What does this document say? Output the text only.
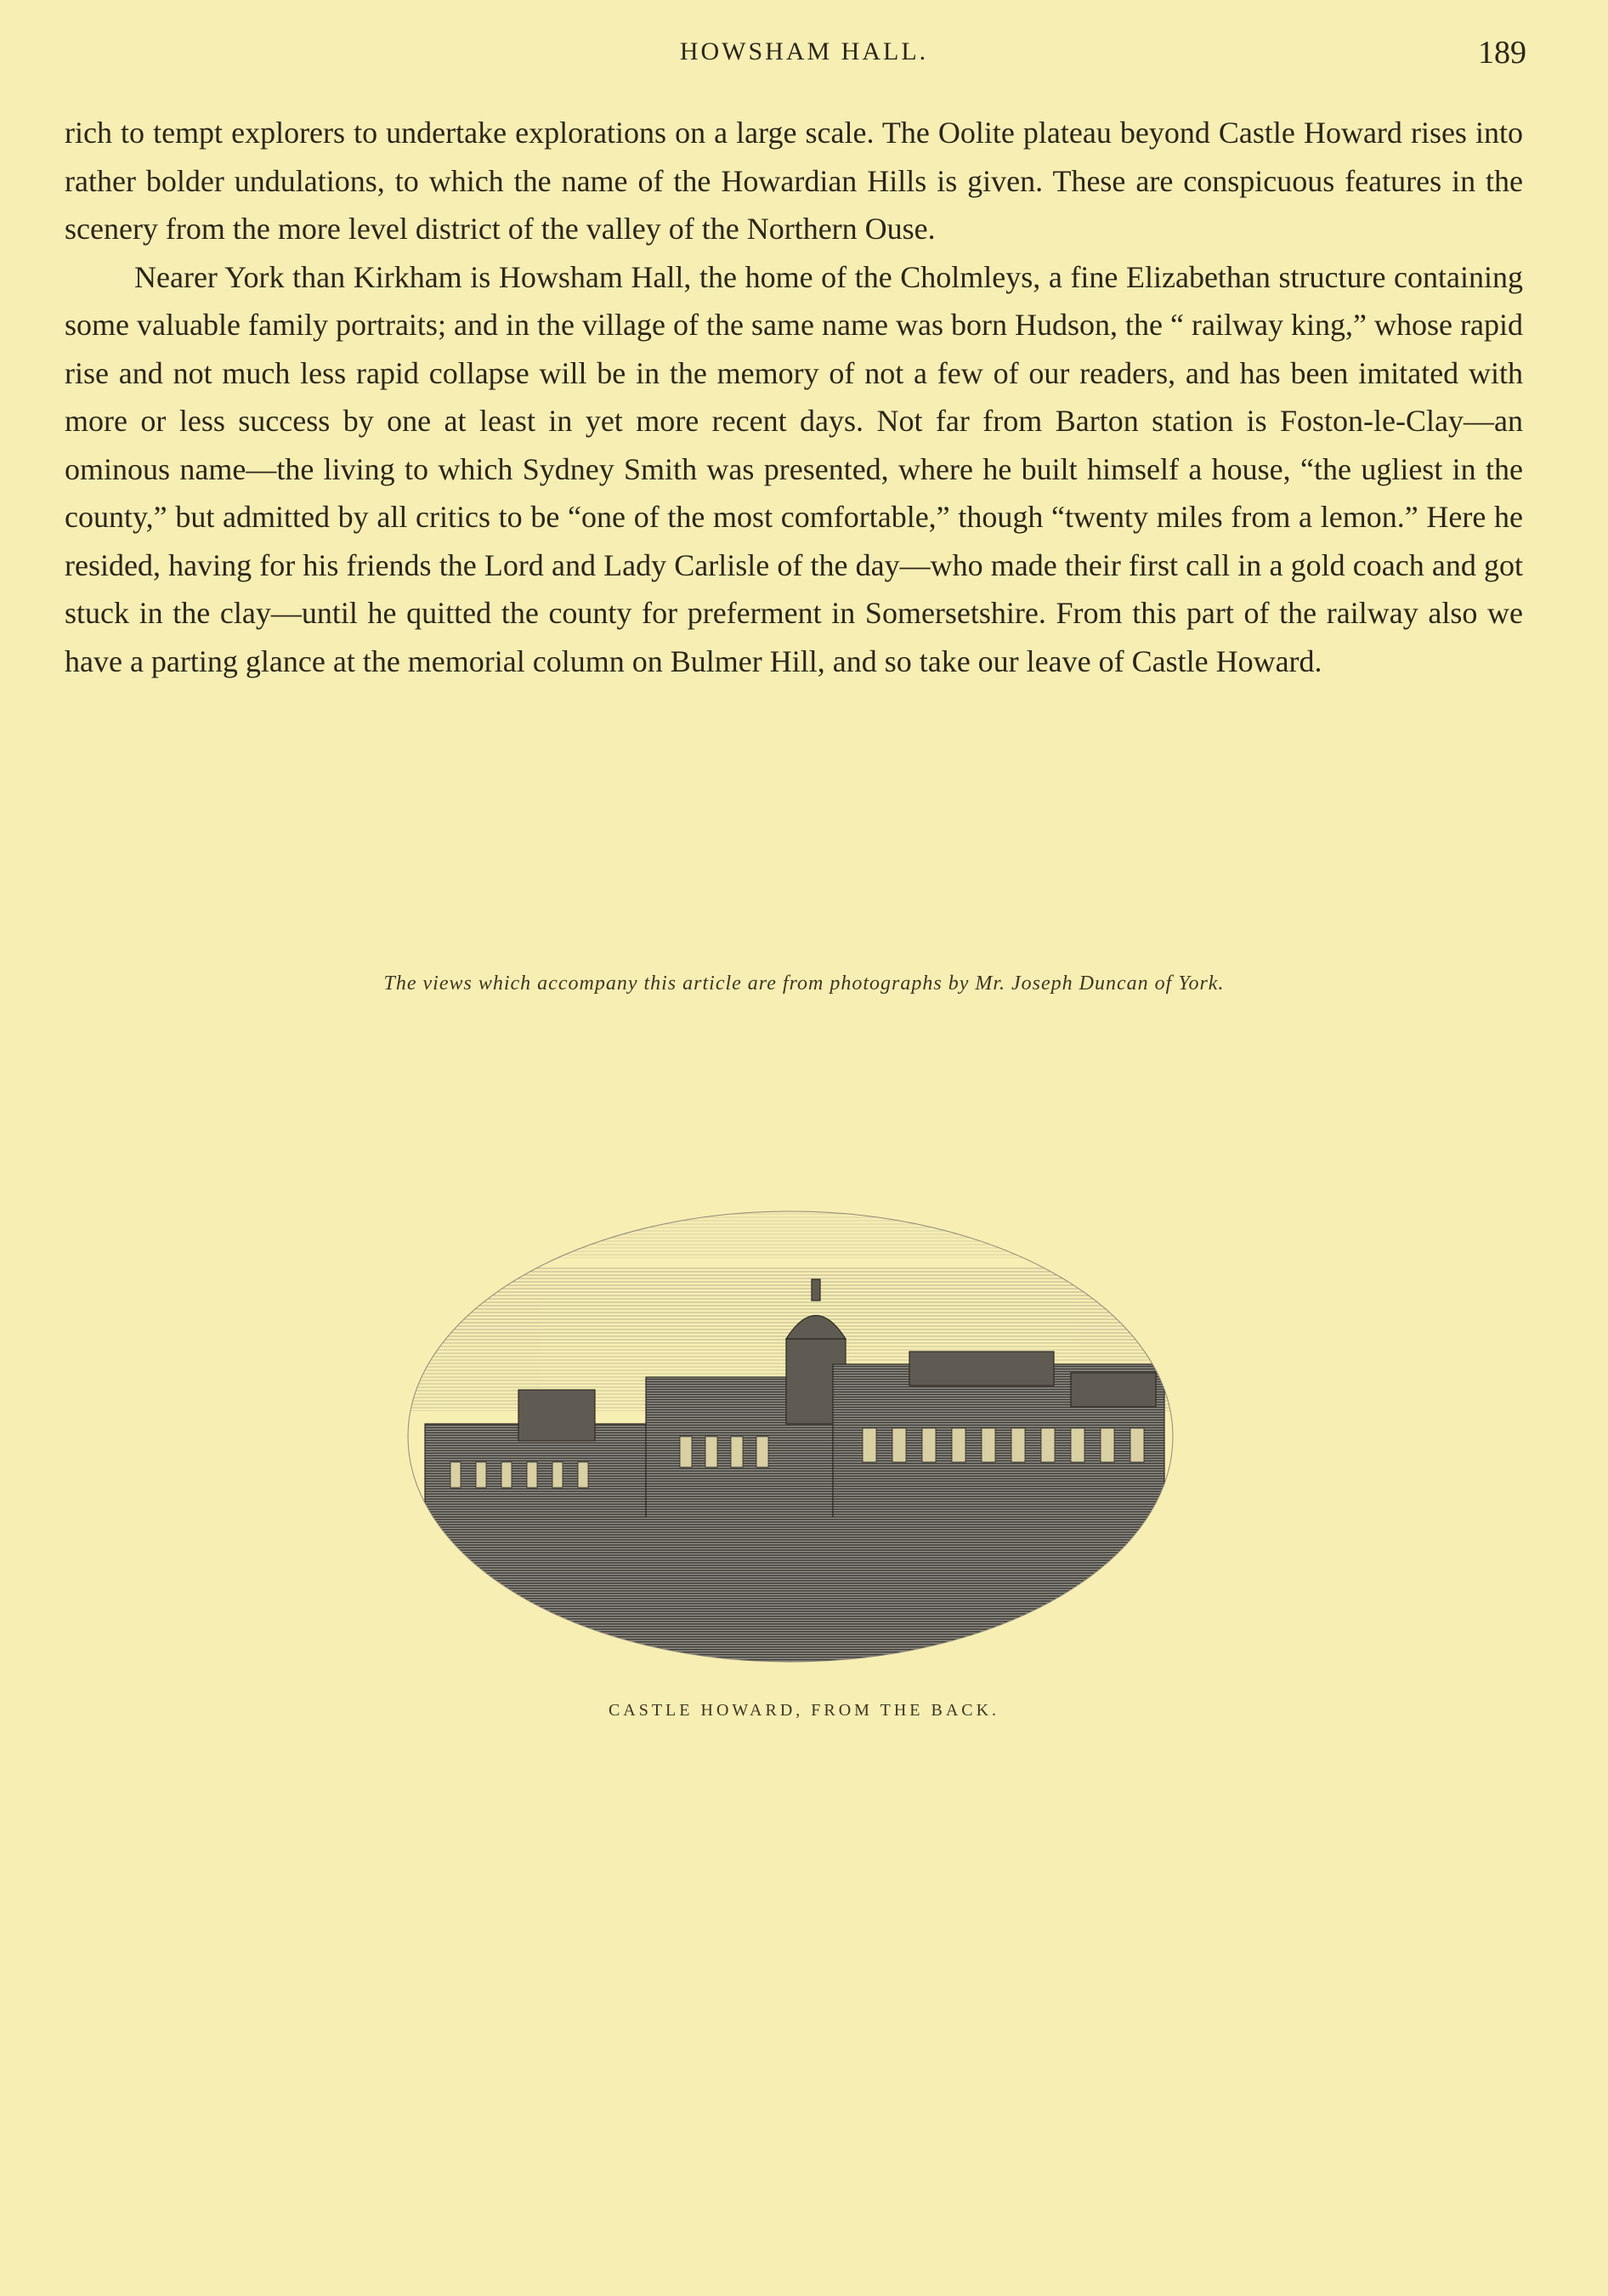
HOWSHAM HALL.	189

rich to tempt explorers to undertake explorations on a large scale. The Oolite plateau beyond Castle Howard rises into rather bolder undulations, to which the name of the Howardian Hills is given. These are conspicuous features in the scenery from the more level district of the valley of the Northern Ouse.

Nearer York than Kirkham is Howsham Hall, the home of the Cholmleys, a fine Elizabethan structure containing some valuable family portraits; and in the village of the same name was born Hudson, the “ railway king,” whose rapid rise and not much less rapid collapse will be in the memory of not a few of our readers, and has been imitated with more or less success by one at least in yet more recent days. Not far from Barton station is Foston-le-Clay—an ominous name—the living to which Sydney Smith was presented, where he built himself a house, “the ugliest in the county,” but admitted by all critics to be “one of the most comfortable,” though “twenty miles from a lemon.” Here he resided, having for his friends the Lord and Lady Carlisle of the day—who made their first call in a gold coach and got stuck in the clay—until he quitted the county for preferment in Somersetshire. From this part of the railway also we have a parting glance at the memorial column on Bulmer Hill, and so take our leave of Castle Howard.

The views which accompany this article are from photographs by Mr. Joseph Duncan of York.
CASTLE HOWARD, FROM THE BACK.
